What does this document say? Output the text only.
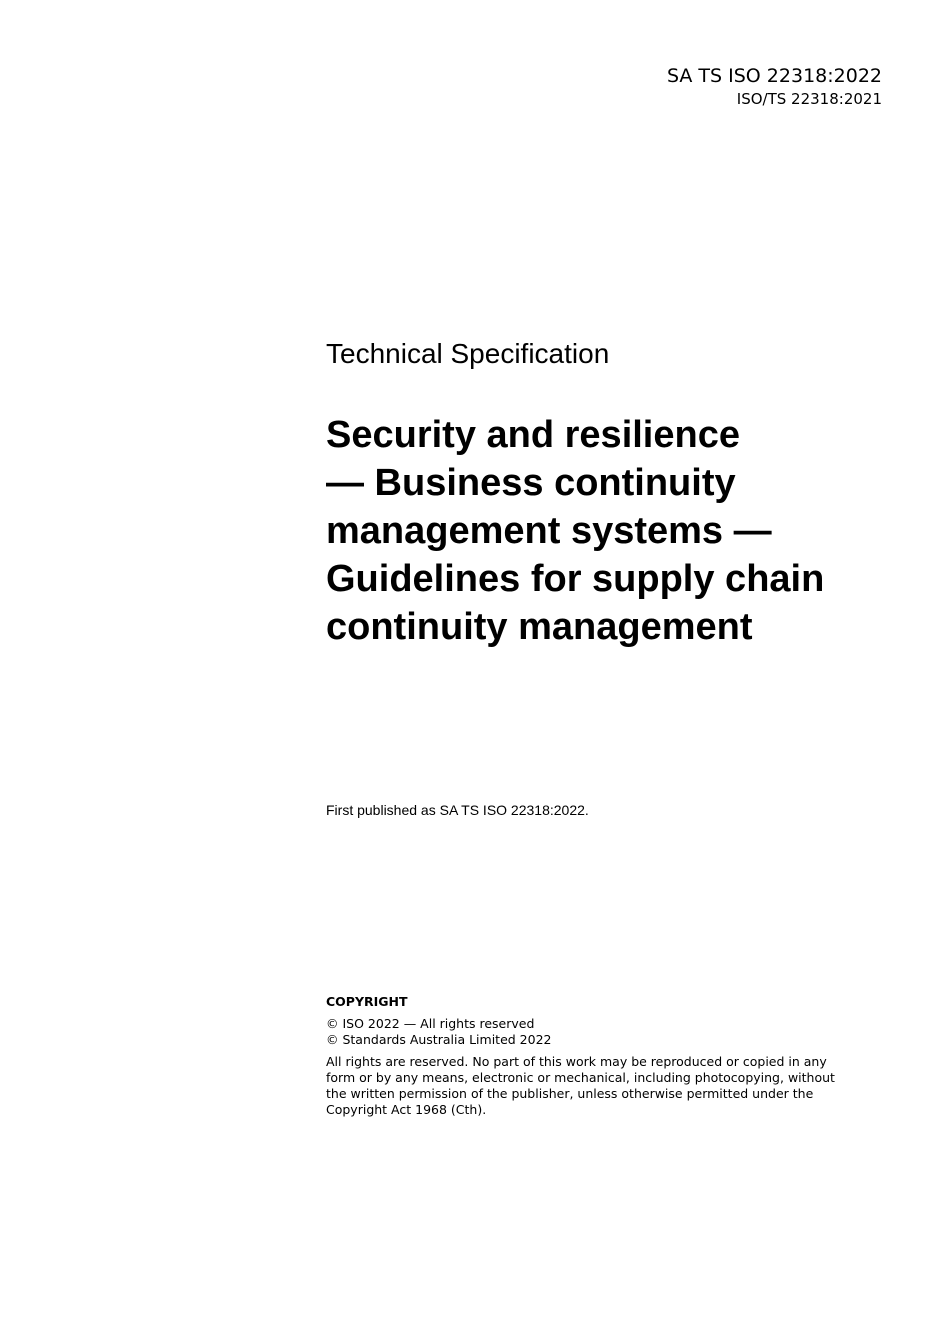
SA TS ISO 22318:2022
ISO/TS 22318:2021
Technical Specification
Security and resilience
— Business continuity
management systems —
Guidelines for supply chain
continuity management
First published as SA TS ISO 22318:2022.
COPYRIGHT
© ISO 2022 — All rights reserved
© Standards Australia Limited 2022
All rights are reserved. No part of this work may be reproduced or copied in any form or by any means, electronic or mechanical, including photocopying, without the written permission of the publisher, unless otherwise permitted under the Copyright Act 1968 (Cth).
